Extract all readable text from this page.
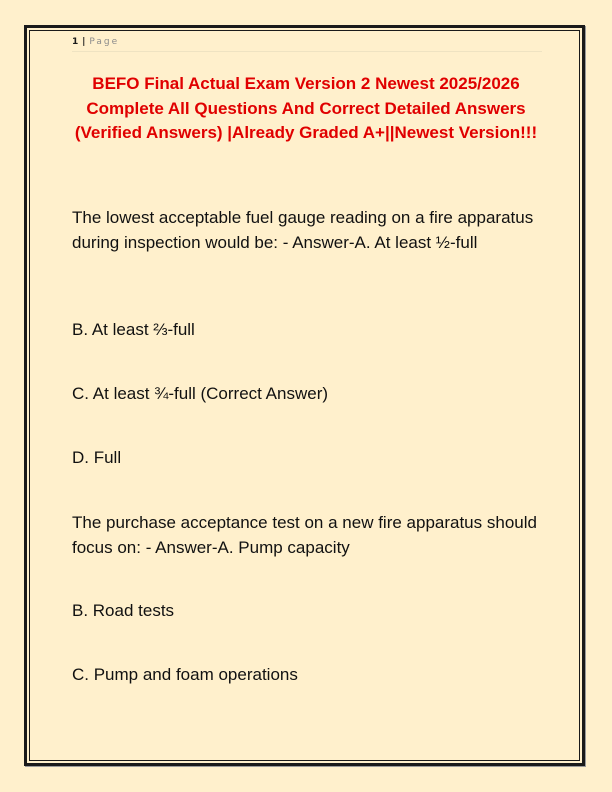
1 | Page
BEFO Final Actual Exam Version 2 Newest 2025/2026 Complete All Questions And Correct Detailed Answers (Verified Answers) |Already Graded A+||Newest Version!!!

The lowest acceptable fuel gauge reading on a fire apparatus during inspection would be: - Answer-A. At least ½-full

B. At least ⅔-full

C. At least ¾-full (Correct Answer)

D. Full

The purchase acceptance test on a new fire apparatus should focus on: - Answer-A. Pump capacity

B. Road tests

C. Pump and foam operations
